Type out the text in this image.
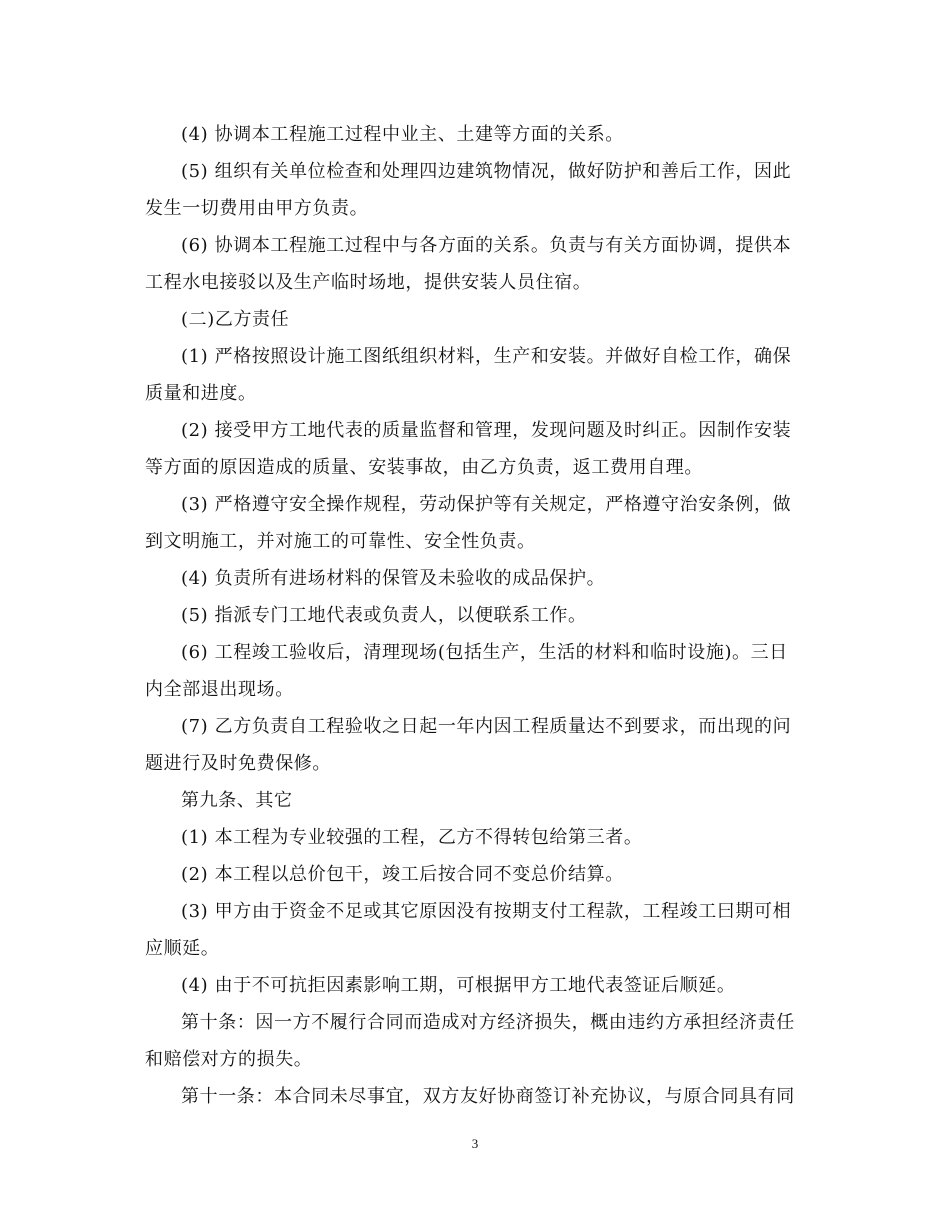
(4) 协调本工程施工过程中业主、土建等方面的关系。

(5) 组织有关单位检查和处理四边建筑物情况，做好防护和善后工作，因此发生一切费用由甲方负责。

(6) 协调本工程施工过程中与各方面的关系。负责与有关方面协调，提供本工程水电接驳以及生产临时场地，提供安装人员住宿。

(二)乙方责任

(1) 严格按照设计施工图纸组织材料，生产和安装。并做好自检工作，确保质量和进度。

(2) 接受甲方工地代表的质量监督和管理，发现问题及时纠正。因制作安装等方面的原因造成的质量、安装事故，由乙方负责，返工费用自理。

(3) 严格遵守安全操作规程，劳动保护等有关规定，严格遵守治安条例，做到文明施工，并对施工的可靠性、安全性负责。

(4) 负责所有进场材料的保管及未验收的成品保护。

(5) 指派专门工地代表或负责人，以便联系工作。

(6) 工程竣工验收后，清理现场(包括生产，生活的材料和临时设施)。三日内全部退出现场。

(7) 乙方负责自工程验收之日起一年内因工程质量达不到要求，而出现的问题进行及时免费保修。

第九条、其它

(1) 本工程为专业较强的工程，乙方不得转包给第三者。

(2) 本工程以总价包干，竣工后按合同不变总价结算。

(3) 甲方由于资金不足或其它原因没有按期支付工程款，工程竣工曰期可相应顺延。

(4) 由于不可抗拒因素影响工期，可根据甲方工地代表签证后顺延。

第十条：因一方不履行合同而造成对方经济损失，概由违约方承担经济责任和赔偿对方的损失。

第十一条：本合同未尽事宜，双方友好协商签订补充协议，与原合同具有同

3
